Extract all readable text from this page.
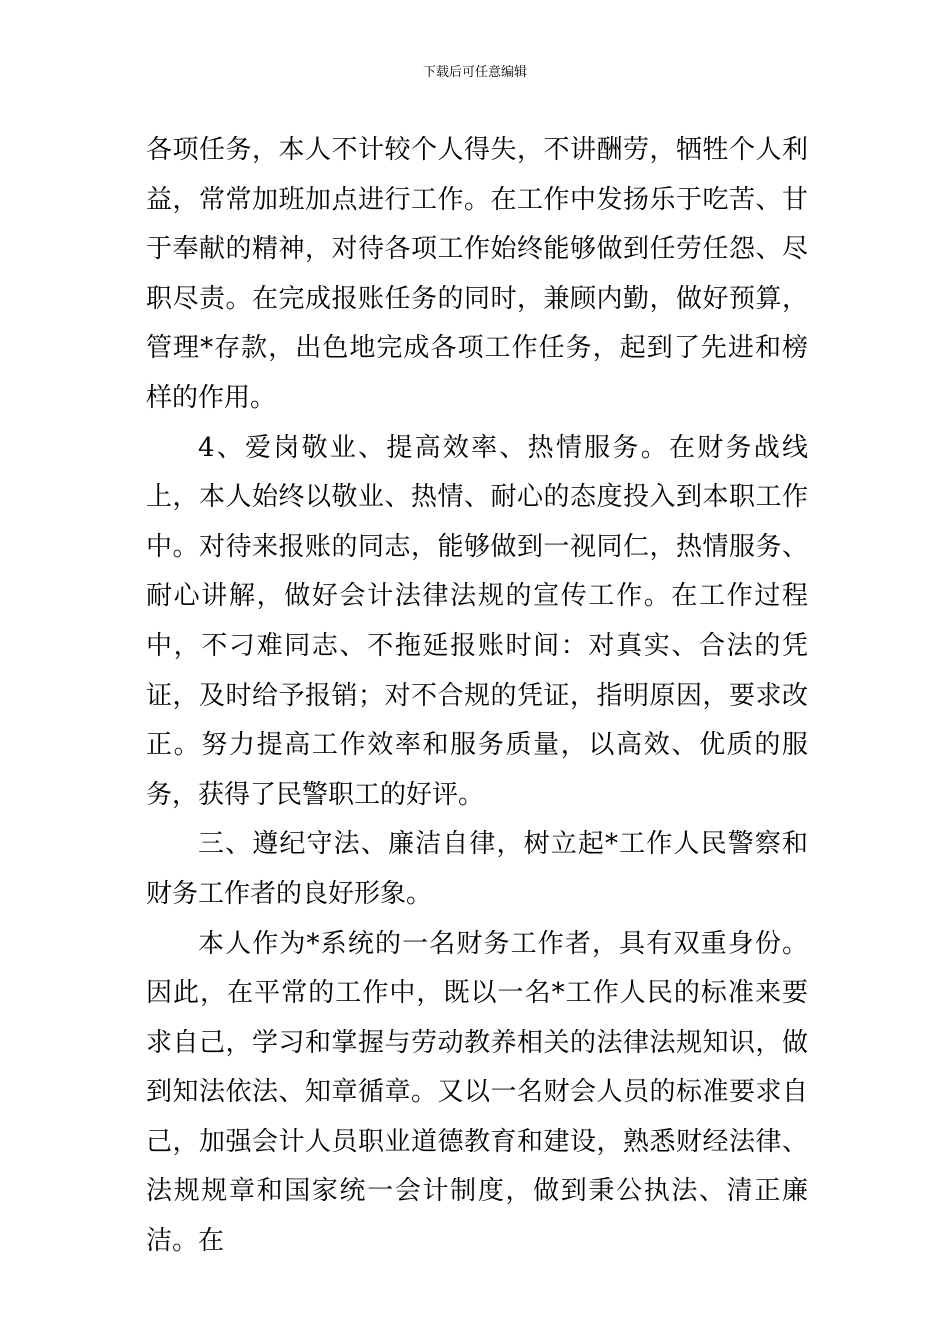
下载后可任意编辑

各项任务，本人不计较个人得失，不讲酬劳，牺牲个人利益，常常加班加点进行工作。在工作中发扬乐于吃苦、甘于奉献的精神，对待各项工作始终能够做到任劳任怨、尽职尽责。在完成报账任务的同时，兼顾内勤，做好预算，管理*存款，出色地完成各项工作任务，起到了先进和榜样的作用。

4、爱岗敬业、提高效率、热情服务。在财务战线上，本人始终以敬业、热情、耐心的态度投入到本职工作中。对待来报账的同志，能够做到一视同仁，热情服务、耐心讲解，做好会计法律法规的宣传工作。在工作过程中，不刁难同志、不拖延报账时间：对真实、合法的凭证，及时给予报销；对不合规的凭证，指明原因，要求改正。努力提高工作效率和服务质量，以高效、优质的服务，获得了民警职工的好评。

三、遵纪守法、廉洁自律，树立起*工作人民警察和财务工作者的良好形象。

本人作为*系统的一名财务工作者，具有双重身份。因此，在平常的工作中，既以一名*工作人民的标准来要求自己，学习和掌握与劳动教养相关的法律法规知识，做到知法依法、知章循章。又以一名财会人员的标准要求自己，加强会计人员职业道德教育和建设，熟悉财经法律、法规规章和国家统一会计制度，做到秉公执法、清正廉洁。在
